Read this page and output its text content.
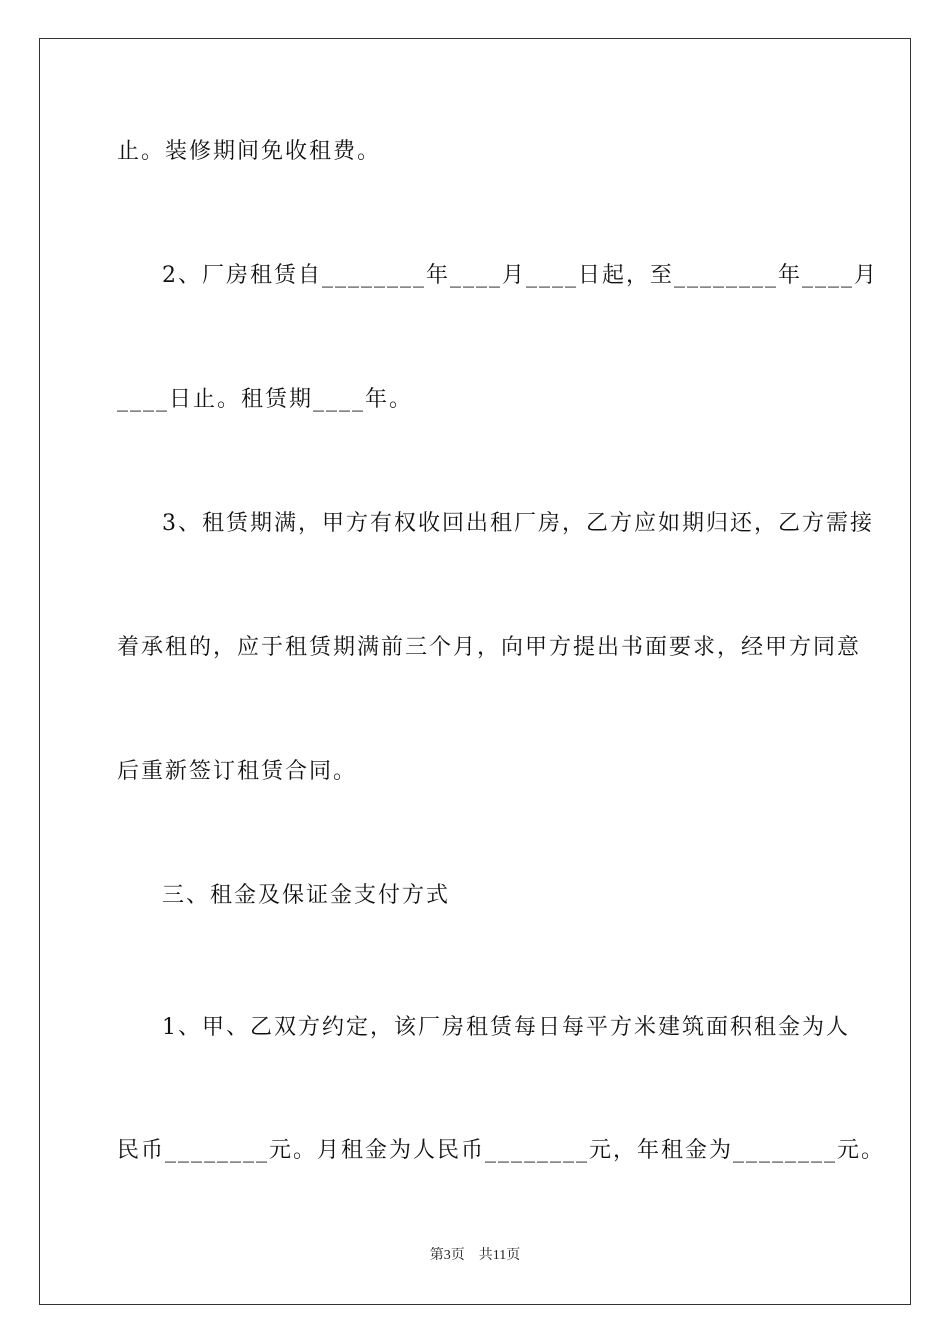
止。装修期间免收租费。
2、厂房租赁自________年____月____日起，至________年____月
____日止。租赁期____年。
3、租赁期满，甲方有权收回出租厂房，乙方应如期归还，乙方需接
着承租的，应于租赁期满前三个月，向甲方提出书面要求，经甲方同意
后重新签订租赁合同。
三、租金及保证金支付方式
1、甲、乙双方约定，该厂房租赁每日每平方米建筑面积租金为人
民币________元。月租金为人民币________元，年租金为________元。
第3页　共11页
